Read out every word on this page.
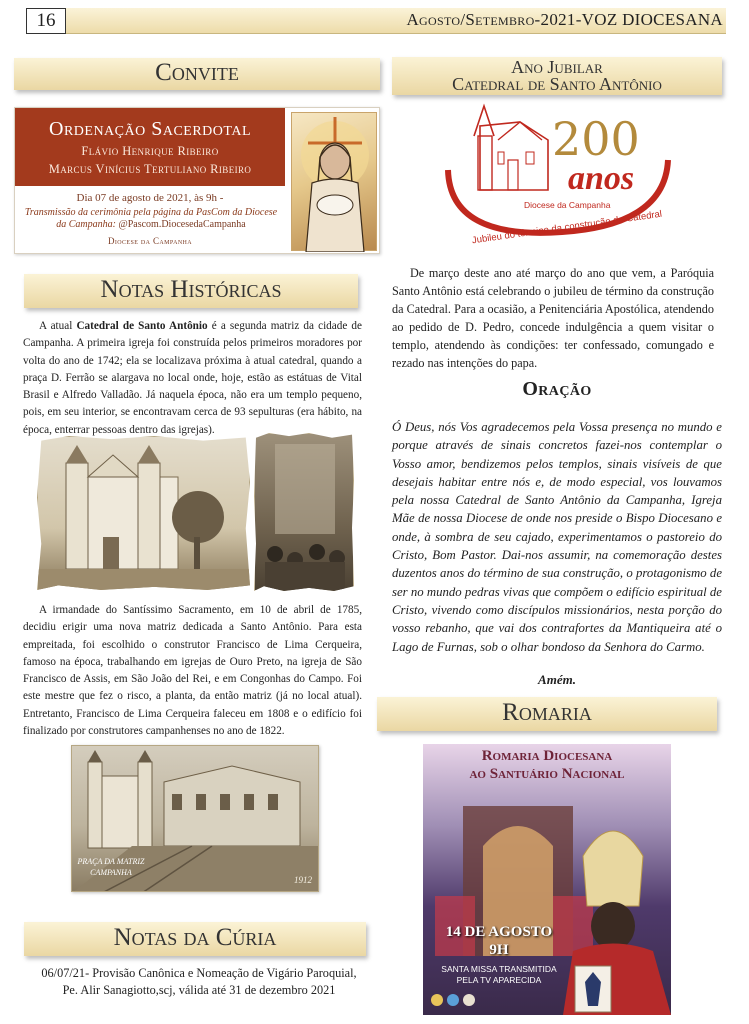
16	Agosto/Setembro-2021-VOZ DIOCESANA
Convite
Ordenação Sacerdotal
Flávio Henrique Ribeiro
Marcus Vinícius Tertuliano Ribeiro
Dia 07 de agosto de 2021, às 9h -
Transmissão da cerimônia pela página da PasCom da Diocese da Campanha: @Pascom.DiocesedaCampanha
Diocese da Campanha
Notas Históricas
A atual Catedral de Santo Antônio é a segunda matriz da cidade de Campanha. A primeira igreja foi construída pelos primeiros moradores por volta do ano de 1742; ela se localizava próxima à atual catedral, quando a praça D. Ferrão se alargava no local onde, hoje, estão as estátuas de Vital Brasil e Alfredo Valladão. Já naquela época, não era um templo pequeno, pois, em seu interior, se encontravam cerca de 93 sepulturas (era hábito, na época, enterrar pessoas dentro das igrejas).
A irmandade do Santíssimo Sacramento, em 10 de abril de 1785, decidiu erigir uma nova matriz dedicada a Santo Antônio. Para esta empreitada, foi escolhido o construtor Francisco de Lima Cerqueira, famoso na época, trabalhando em igrejas de Ouro Preto, na igreja de São Francisco de Assis, em São João del Rei, e em Congonhas do Campo. Foi este mestre que fez o risco, a planta, da então matriz (já no local atual). Entretanto, Francisco de Lima Cerqueira faleceu em 1808 e o edifício foi finalizado por construtores campanhenses no ano de 1822.
PRAÇA DA MATRIZ CAMPANHA
1912
Notas da Cúria
06/07/21- Provisão Canônica e Nomeação de Vigário Paroquial,
Pe. Alir Sanagiotto,scj, válida até 31 de dezembro 2021
Ano Jubilar
Catedral de Santo Antônio
200
anos
Diocese da Campanha
Jubileu do término da construção da Catedral
De março deste ano até março do ano que vem, a Paróquia Santo Antônio está celebrando o jubileu de término da construção da Catedral. Para a ocasião, a Penitenciária Apostólica, atendendo ao pedido de D. Pedro, concede indulgência a quem visitar o templo, atendendo às condições: ter confessado, comungado e rezado nas intenções do papa.
Oração
Ó Deus, nós Vos agradecemos pela Vossa presença no mundo e porque através de sinais concretos fazei-nos contemplar o Vosso amor, bendizemos pelos templos, sinais visíveis de que desejais habitar entre nós e, de modo especial, vos louvamos pela nossa Catedral de Santo Antônio da Campanha, Igreja Mãe de nossa Diocese de onde nos preside o Bispo Diocesano e onde, à sombra de seu cajado, experimentamos o pastoreio do Cristo, Bom Pastor. Dai-nos assumir, na comemoração destes duzentos anos do término de sua construção, o protagonismo de ser no mundo pedras vivas que compõem o edifício espiritual de Cristo, vivendo como discípulos missionários, nesta porção do vosso rebanho, que vai dos contrafortes da Mantiqueira até o Lago de Furnas, sob o olhar bondoso da Senhora do Carmo.
Amém.
Romaria
Romaria Diocesana
ao Santuário Nacional
14 DE AGOSTO
9H
SANTA MISSA TRANSMITIDA
PELA TV APARECIDA
